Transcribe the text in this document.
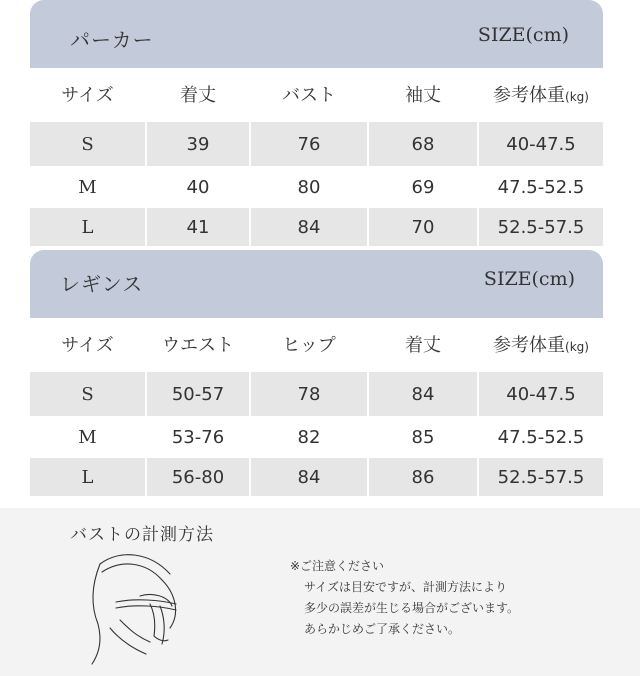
パーカー	SIZE(cm)
サイズ	着丈	バスト	袖丈	参考体重(kg)
S	39	76	68	40-47.5
M	40	80	69	47.5-52.5
L	41	84	70	52.5-57.5
レギンス	SIZE(cm)
サイズ	ウエスト	ヒップ	着丈	参考体重(kg)
S	50-57	78	84	40-47.5
M	53-76	82	85	47.5-52.5
L	56-80	84	86	52.5-57.5
バストの計測方法
※ご注意ください
サイズは目安ですが、計測方法により
多少の誤差が生じる場合がございます。
あらかじめご了承ください。
